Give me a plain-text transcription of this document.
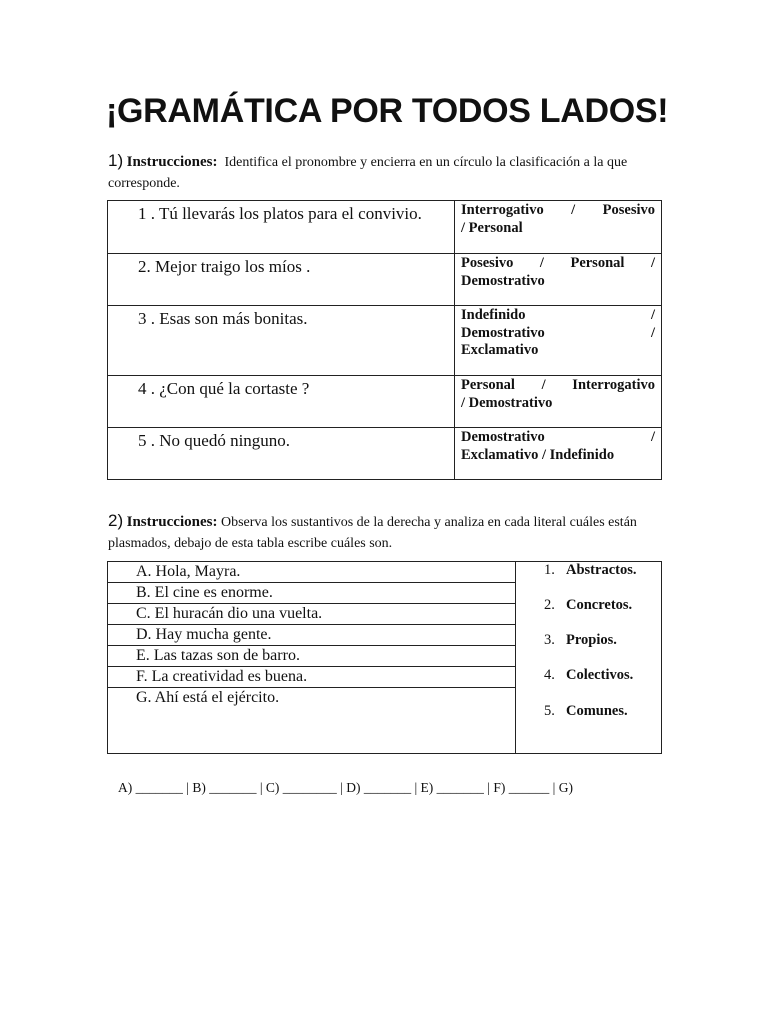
¡GRAMÁTICA POR TODOS LADOS!
1) Instrucciones: Identifica el pronombre y encierra en un círculo la clasificación a la que corresponde.
1 . Tú llevarás los platos para el convivio.	Interrogativo / Posesivo
/ Personal
2. Mejor traigo los míos .	Posesivo / Personal /
Demostrativo
3 . Esas son más bonitas.	Indefinido /
Demostrativo /
Exclamativo
4 . ¿Con qué la cortaste ?	Personal / Interrogativo
/ Demostrativo
5 . No quedó ninguno.	Demostrativo /
Exclamativo / Indefinido
2) Instrucciones: Observa los sustantivos de la derecha y analiza en cada literal cuáles están plasmados, debajo de esta tabla escribe cuáles son.
A. Hola, Mayra.
B. El cine es enorme.
C. El huracán dio una vuelta.
D. Hay mucha gente.
E. Las tazas son de barro.
F. La creatividad es buena.
G. Ahí está el ejército.
1. Abstractos.
2. Concretos.
3. Propios.
4. Colectivos.
5. Comunes.
A) _______ | B) _______ | C) ________ | D) _______ | E) _______ | F) ______ | G)
